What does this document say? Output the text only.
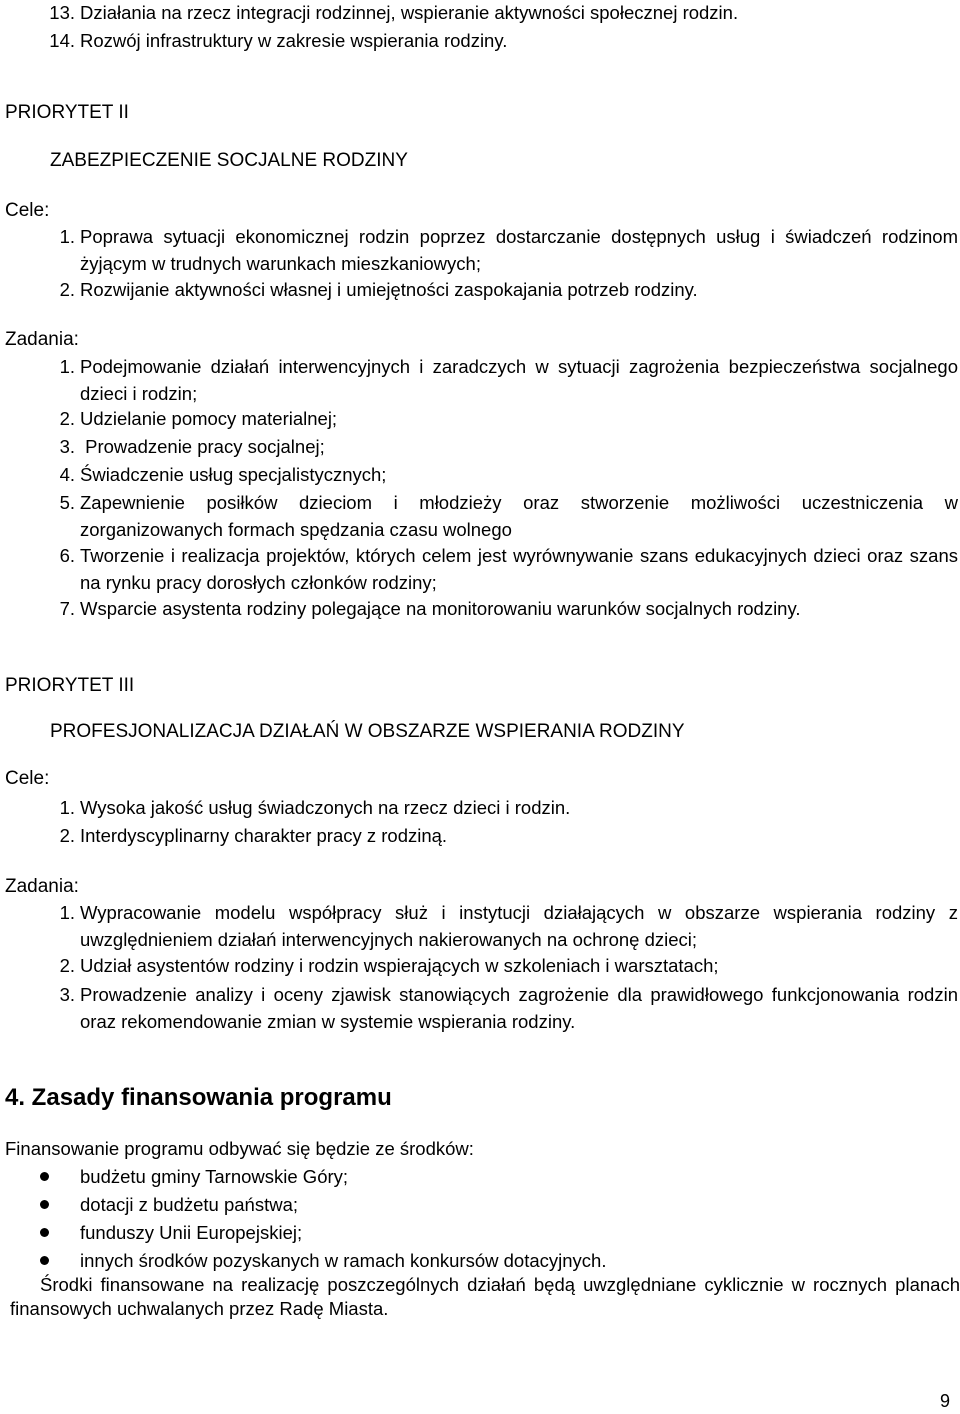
13. Działania na rzecz integracji rodzinnej, wspieranie aktywności społecznej rodzin.
14. Rozwój infrastruktury w zakresie wspierania rodziny.
PRIORYTET II
ZABEZPIECZENIE SOCJALNE RODZINY
Cele:
1. Poprawa sytuacji ekonomicznej rodzin poprzez dostarczanie dostępnych usług i świadczeń rodzinom żyjącym w trudnych warunkach mieszkaniowych;
2. Rozwijanie aktywności własnej i umiejętności zaspokajania potrzeb rodziny.
Zadania:
1. Podejmowanie działań interwencyjnych i zaradczych w sytuacji zagrożenia bezpieczeństwa socjalnego dzieci i rodzin;
2. Udzielanie pomocy materialnej;
3. Prowadzenie pracy socjalnej;
4. Świadczenie usług specjalistycznych;
5. Zapewnienie posiłków dzieciom i młodzieży oraz stworzenie możliwości uczestniczenia w zorganizowanych formach spędzania czasu wolnego
6. Tworzenie i realizacja projektów, których celem jest wyrównywanie szans edukacyjnych dzieci oraz szans na rynku pracy dorosłych członków rodziny;
7. Wsparcie asystenta rodziny polegające na monitorowaniu warunków socjalnych rodziny.
PRIORYTET III
PROFESJONALIZACJA DZIAŁAŃ W OBSZARZE WSPIERANIA RODZINY
Cele:
1. Wysoka jakość usług świadczonych na rzecz dzieci i rodzin.
2. Interdyscyplinarny charakter pracy z rodziną.
Zadania:
1. Wypracowanie modelu współpracy służ i instytucji działających w obszarze wspierania rodziny z uwzględnieniem działań interwencyjnych nakierowanych na ochronę dzieci;
2. Udział asystentów rodziny i rodzin wspierających w szkoleniach i warsztatach;
3. Prowadzenie analizy i oceny zjawisk stanowiących zagrożenie dla prawidłowego funkcjonowania rodzin oraz rekomendowanie zmian w systemie wspierania rodziny.
4. Zasady finansowania programu
Finansowanie programu odbywać się będzie ze środków:
budżetu gminy Tarnowskie Góry;
dotacji z budżetu państwa;
funduszy Unii Europejskiej;
innych środków pozyskanych w ramach konkursów dotacyjnych.
Środki finansowane na realizację poszczególnych działań będą uwzględniane cyklicznie w rocznych planach finansowych uchwalanych przez Radę Miasta.
9
